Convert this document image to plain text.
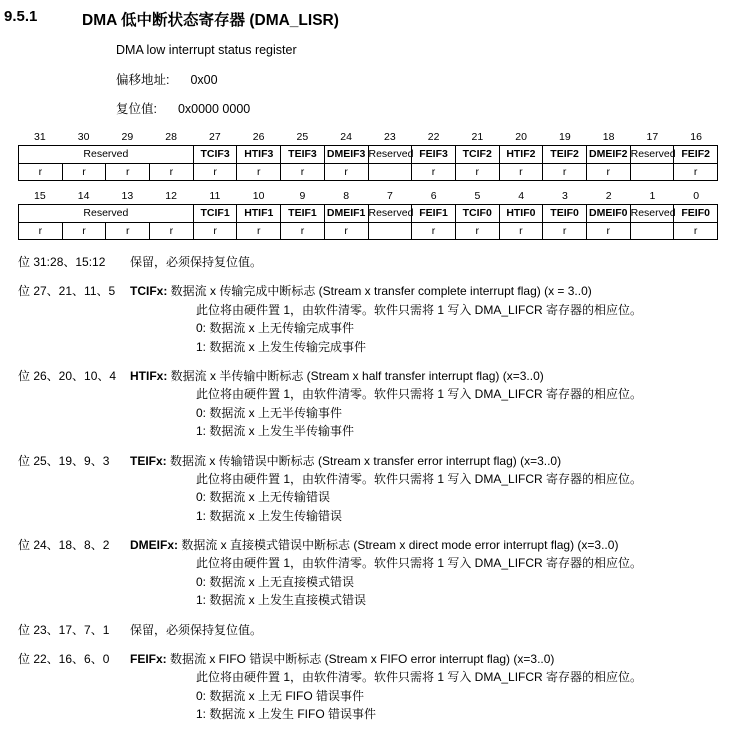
9.5.1	DMA 低中断状态寄存器 (DMA_LISR)
DMA low interrupt status register
偏移地址: 0x00
复位值: 0x0000 0000
31	30	29	28	27	26	25	24	23	22	21	20	19	18	17	16
Reserved				TCIF3	HTIF3	TEIF3	DMEIF3	Reserved	FEIF3	TCIF2	HTIF2	TEIF2	DMEIF2	Reserved	FEIF2
r	r	r	r	r	r	r	r		r	r	r	r	r		r
15	14	13	12	11	10	9	8	7	6	5	4	3	2	1	0
Reserved				TCIF1	HTIF1	TEIF1	DMEIF1	Reserved	FEIF1	TCIF0	HTIF0	TEIF0	DMEIF0	Reserved	FEIF0
r	r	r	r	r	r	r	r		r	r	r	r	r		r
位 31:28、15:12	保留，必须保持复位值。
位 27、21、11、5	TCIFx: 数据流 x 传输完成中断标志 (Stream x transfer complete interrupt flag) (x = 3..0)
此位将由硬件置 1，由软件清零。软件只需将 1 写入 DMA_LIFCR 寄存器的相应位。
0: 数据流 x 上无传输完成事件
1: 数据流 x 上发生传输完成事件
位 26、20、10、4	HTIFx: 数据流 x 半传输中断标志 (Stream x half transfer interrupt flag) (x=3..0)
此位将由硬件置 1，由软件清零。软件只需将 1 写入 DMA_LIFCR 寄存器的相应位。
0: 数据流 x 上无半传输事件
1: 数据流 x 上发生半传输事件
位 25、19、9、3	TEIFx: 数据流 x 传输错误中断标志 (Stream x transfer error interrupt flag) (x=3..0)
此位将由硬件置 1，由软件清零。软件只需将 1 写入 DMA_LIFCR 寄存器的相应位。
0: 数据流 x 上无传输错误
1: 数据流 x 上发生传输错误
位 24、18、8、2	DMEIFx: 数据流 x 直接模式错误中断标志 (Stream x direct mode error interrupt flag) (x=3..0)
此位将由硬件置 1，由软件清零。软件只需将 1 写入 DMA_LIFCR 寄存器的相应位。
0: 数据流 x 上无直接模式错误
1: 数据流 x 上发生直接模式错误
位 23、17、7、1	保留，必须保持复位值。
位 22、16、6、0	FEIFx: 数据流 x FIFO 错误中断标志 (Stream x FIFO error interrupt flag) (x=3..0)
此位将由硬件置 1，由软件清零。软件只需将 1 写入 DMA_LIFCR 寄存器的相应位。
0: 数据流 x 上无 FIFO 错误事件
1: 数据流 x 上发生 FIFO 错误事件
